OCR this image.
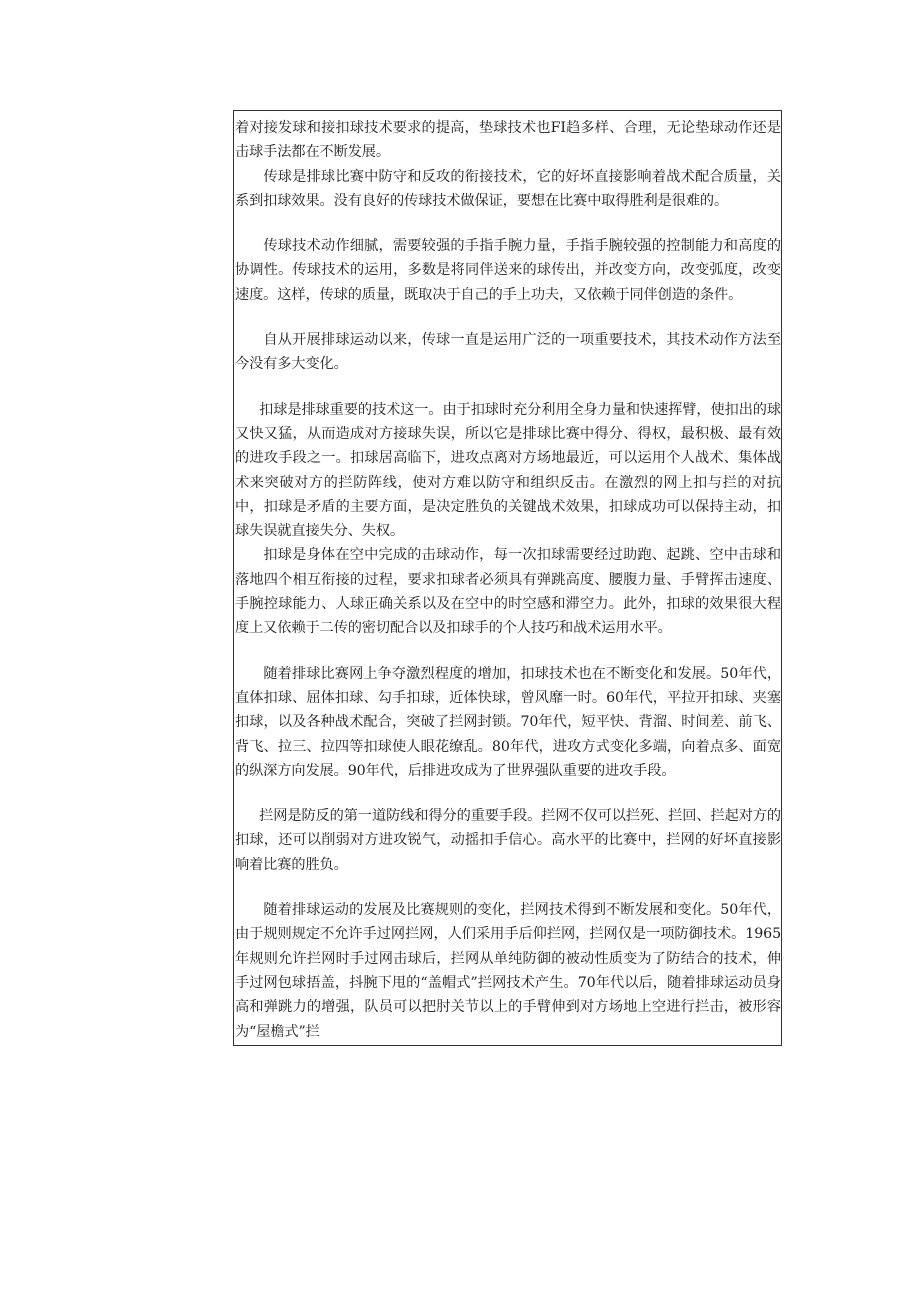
着对接发球和接扣球技术要求的提高，垫球技术也FI趋多样、合理，无论垫球动作还是击球手法都在不断发展。

传球是排球比赛中防守和反攻的衔接技术，它的好坏直接影响着战术配合质量，关系到扣球效果。没有良好的传球技术做保证，要想在比赛中取得胜利是很难的。

传球技术动作细腻，需要较强的手指手腕力量，手指手腕较强的控制能力和高度的协调性。传球技术的运用，多数是将同伴送来的球传出，并改变方向，改变弧度，改变速度。这样，传球的质量，既取决于自己的手上功夫，又依赖于同伴创造的条件。

自从开展排球运动以来，传球一直是运用广泛的一项重要技术，其技术动作方法至今没有多大变化。

扣球是排球重要的技术这一。由于扣球时充分利用全身力量和快速挥臂，使扣出的球又快又猛，从而造成对方接球失误，所以它是排球比赛中得分、得权，最积极、最有效的进攻手段之一。扣球居高临下，进攻点离对方场地最近，可以运用个人战术、集体战术来突破对方的拦防阵线，使对方难以防守和组织反击。在激烈的网上扣与拦的对抗中，扣球是矛盾的主要方面，是决定胜负的关键战术效果，扣球成功可以保持主动，扣球失误就直接失分、失权。

扣球是身体在空中完成的击球动作，每一次扣球需要经过助跑、起跳、空中击球和落地四个相互衔接的过程，要求扣球者必须具有弹跳高度、腰腹力量、手臂挥击速度、手腕控球能力、人球正确关系以及在空中的时空感和滞空力。此外，扣球的效果很大程度上又依赖于二传的密切配合以及扣球手的个人技巧和战术运用水平。

随着排球比赛网上争夺激烈程度的增加，扣球技术也在不断变化和发展。50年代，直体扣球、屈体扣球、勾手扣球，近体快球，曾风靡一时。60年代，平拉开扣球、夹塞扣球，以及各种战术配合，突破了拦网封锁。70年代，短平快、背溜、时间差、前飞、背飞、拉三、拉四等扣球使人眼花缭乱。80年代，进攻方式变化多端，向着点多、面宽的纵深方向发展。90年代，后排进攻成为了世界强队重要的进攻手段。

拦网是防反的第一道防线和得分的重要手段。拦网不仅可以拦死、拦回、拦起对方的扣球，还可以削弱对方进攻锐气，动摇扣手信心。高水平的比赛中，拦网的好坏直接影响着比赛的胜负。

随着排球运动的发展及比赛规则的变化，拦网技术得到不断发展和变化。50年代，由于规则规定不允许手过网拦网，人们采用手后仰拦网，拦网仅是一项防御技术。1965年规则允许拦网时手过网击球后，拦网从单纯防御的被动性质变为了防结合的技术，伸手过网包球捂盖，抖腕下甩的“盖帽式”拦网技术产生。70年代以后，随着排球运动员身高和弹跳力的增强，队员可以把肘关节以上的手臂伸到对方场地上空进行拦击，被形容为“屋檐式”拦
